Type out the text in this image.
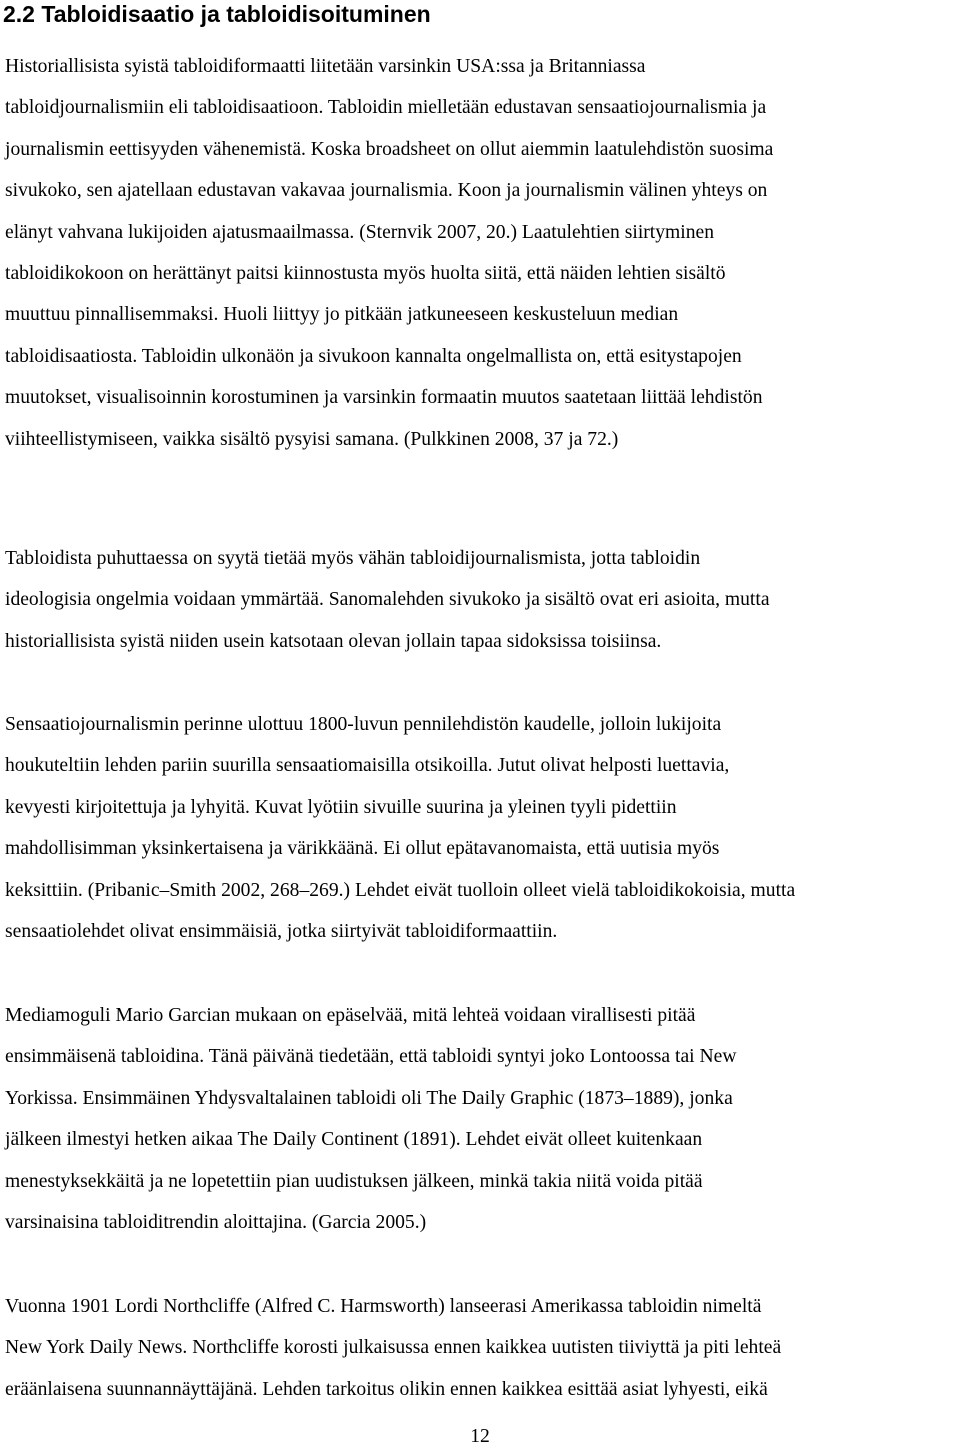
2.2 Tabloidisaatio ja tabloidisoituminen

Historiallisista syistä tabloidiformaatti liitetään varsinkin USA:ssa ja Britanniassa
tabloidjournalismiin eli tabloidisaatioon. Tabloidin mielletään edustavan sensaatiojournalismia ja
journalismin eettisyyden vähenemistä. Koska broadsheet on ollut aiemmin laatulehdistön suosima
sivukoko, sen ajatellaan edustavan vakavaa journalismia. Koon ja journalismin välinen yhteys on
elänyt vahvana lukijoiden ajatusmaailmassa. (Sternvik 2007, 20.) Laatulehtien siirtyminen
tabloidikokoon on herättänyt paitsi kiinnostusta myös huolta siitä, että näiden lehtien sisältö
muuttuu pinnallisemmaksi. Huoli liittyy jo pitkään jatkuneeseen keskusteluun median
tabloidisaatiosta. Tabloidin ulkonäön ja sivukoon kannalta ongelmallista on, että esitystapojen
muutokset, visualisoinnin korostuminen ja varsinkin formaatin muutos saatetaan liittää lehdistön
viihteellistymiseen, vaikka sisältö pysyisi samana. (Pulkkinen 2008, 37 ja 72.)

Tabloidista puhuttaessa on syytä tietää myös vähän tabloidijournalismista, jotta tabloidin
ideologisia ongelmia voidaan ymmärtää. Sanomalehden sivukoko ja sisältö ovat eri asioita, mutta
historiallisista syistä niiden usein katsotaan olevan jollain tapaa sidoksissa toisiinsa.

Sensaatiojournalismin perinne ulottuu 1800-luvun pennilehdistön kaudelle, jolloin lukijoita
houkuteltiin lehden pariin suurilla sensaatiomaisilla otsikoilla. Jutut olivat helposti luettavia,
kevyesti kirjoitettuja ja lyhyitä. Kuvat lyötiin sivuille suurina ja yleinen tyyli pidettiin
mahdollisimman yksinkertaisena ja värikkäänä. Ei ollut epätavanomaista, että uutisia myös
keksittiin. (Pribanic–Smith 2002, 268–269.) Lehdet eivät tuolloin olleet vielä tabloidikokoisia, mutta
sensaatiolehdet olivat ensimmäisiä, jotka siirtyivät tabloidiformaattiin.

Mediamoguli Mario Garcian mukaan on epäselvää, mitä lehteä voidaan virallisesti pitää
ensimmäisenä tabloidina. Tänä päivänä tiedetään, että tabloidi syntyi joko Lontoossa tai New
Yorkissa. Ensimmäinen Yhdysvaltalainen tabloidi oli The Daily Graphic (1873–1889), jonka
jälkeen ilmestyi hetken aikaa The Daily Continent (1891). Lehdet eivät olleet kuitenkaan
menestyksekkäitä ja ne lopetettiin pian uudistuksen jälkeen, minkä takia niitä voida pitää
varsinaisina tabloiditrendin aloittajina. (Garcia 2005.)

Vuonna 1901 Lordi Northcliffe (Alfred C. Harmsworth) lanseerasi Amerikassa tabloidin nimeltä
New York Daily News. Northcliffe korosti julkaisussa ennen kaikkea uutisten tiiviyttä ja piti lehteä
eräänlaisena suunnannäyttäjänä. Lehden tarkoitus olikin ennen kaikkea esittää asiat lyhyesti, eikä

12
